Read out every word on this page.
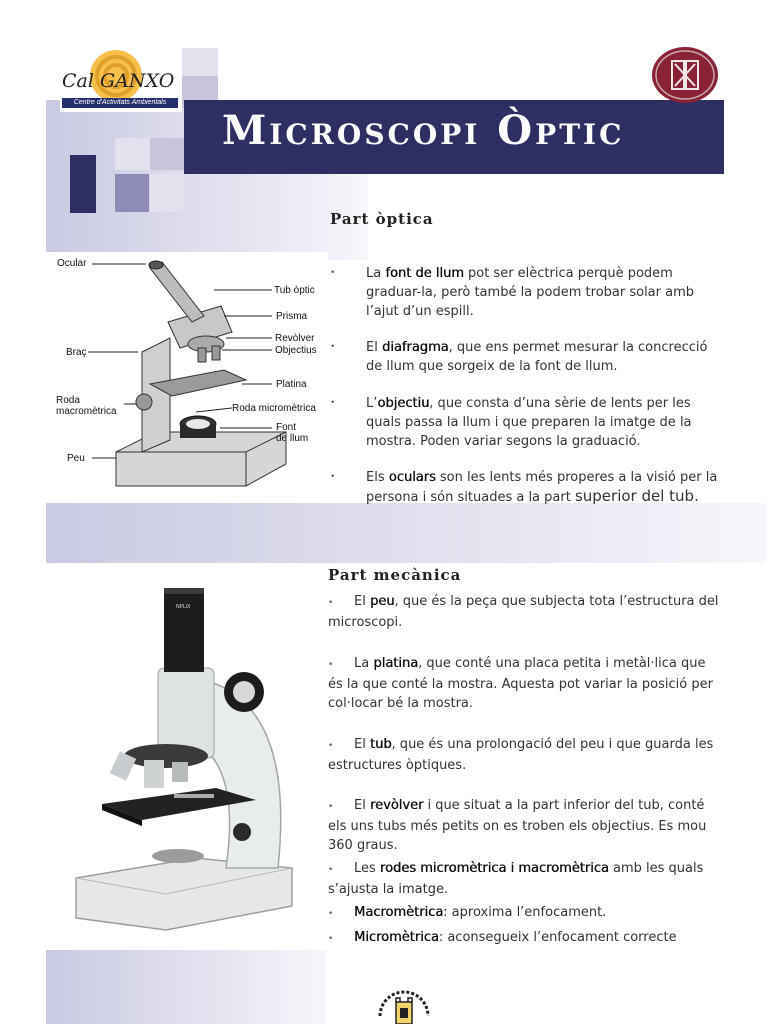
Microscopi Òptic
Cal GANXO
Centre d'Activitats Ambientals
Part òptica
Ocular
Tub òptic
Prisma
Revòlver
Objectius
Braç
Platina
Roda
macromètrica	Roda micromètrica
Font
de llum
Peu
• La font de llum pot ser elèctrica perquè podem graduar-la, però també la podem trobar solar amb l’ajut d’un espill.
• El diafragma, que ens permet mesurar la concrecció de llum que sorgeix de la font de llum.
• L’objectiu, que consta d’una sèrie de lents per les quals passa la llum i que preparen la imatge de la mostra. Poden variar segons la graduació.
• Els oculars son les lents més properes a la visió per la persona i són situades a la part superior del tub.
Part mecànica
NPLIX	• El peu, que és la peça que subjecta tota l’estructura del microscopi.
• La platina, que conté una placa petita i metàl·lica que és la que conté la mostra. Aquesta pot variar la posició per col·locar bé la mostra.
• El tub, que és una prolongació del peu i que guarda les estructures òptiques.
• El revòlver i que situat a la part inferior del tub, conté els uns tubs més petits on es troben els objectius. Es mou 360 graus.
• Les rodes micromètrica i macromètrica amb les quals s’ajusta la imatge.
• Macromètrica: aproxima l’enfocament.
• Micromètrica: aconsegueix l’enfocament correcte
